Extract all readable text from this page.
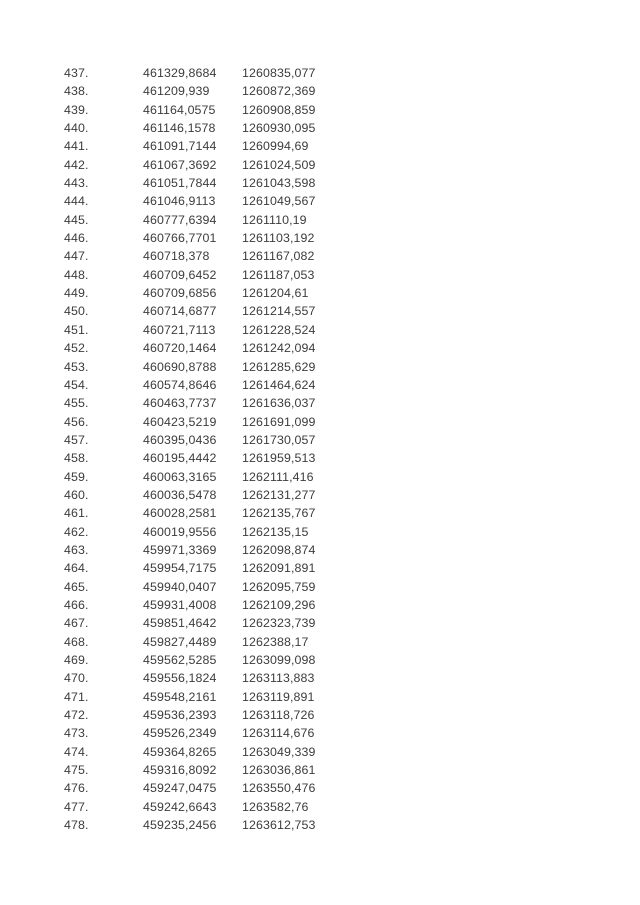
437.	461329,8684	1260835,077
438.	461209,939	1260872,369
439.	461164,0575	1260908,859
440.	461146,1578	1260930,095
441.	461091,7144	1260994,69
442.	461067,3692	1261024,509
443.	461051,7844	1261043,598
444.	461046,9113	1261049,567
445.	460777,6394	1261110,19
446.	460766,7701	1261103,192
447.	460718,378	1261167,082
448.	460709,6452	1261187,053
449.	460709,6856	1261204,61
450.	460714,6877	1261214,557
451.	460721,7113	1261228,524
452.	460720,1464	1261242,094
453.	460690,8788	1261285,629
454.	460574,8646	1261464,624
455.	460463,7737	1261636,037
456.	460423,5219	1261691,099
457.	460395,0436	1261730,057
458.	460195,4442	1261959,513
459.	460063,3165	1262111,416
460.	460036,5478	1262131,277
461.	460028,2581	1262135,767
462.	460019,9556	1262135,15
463.	459971,3369	1262098,874
464.	459954,7175	1262091,891
465.	459940,0407	1262095,759
466.	459931,4008	1262109,296
467.	459851,4642	1262323,739
468.	459827,4489	1262388,17
469.	459562,5285	1263099,098
470.	459556,1824	1263113,883
471.	459548,2161	1263119,891
472.	459536,2393	1263118,726
473.	459526,2349	1263114,676
474.	459364,8265	1263049,339
475.	459316,8092	1263036,861
476.	459247,0475	1263550,476
477.	459242,6643	1263582,76
478.	459235,2456	1263612,753
